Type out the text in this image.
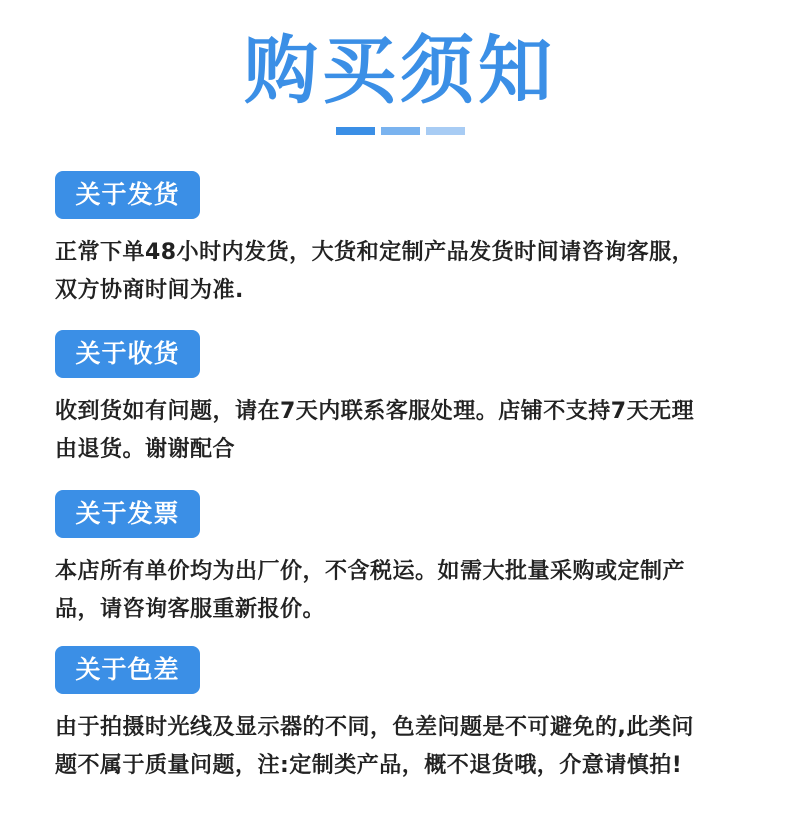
购买须知
关于发货
正常下单48小时内发货，大货和定制产品发货时间请咨询客服，
双方协商时间为准.
关于收货
收到货如有问题，请在7天内联系客服处理。店铺不支持7天无理
由退货。谢谢配合
关于发票
本店所有单价均为出厂价，不含税运。如需大批量采购或定制产
品，请咨询客服重新报价。
关于色差
由于拍摄时光线及显示器的不同，色差问题是不可避免的,此类问
题不属于质量问题，注:定制类产品，概不退货哦，介意请慎拍!
